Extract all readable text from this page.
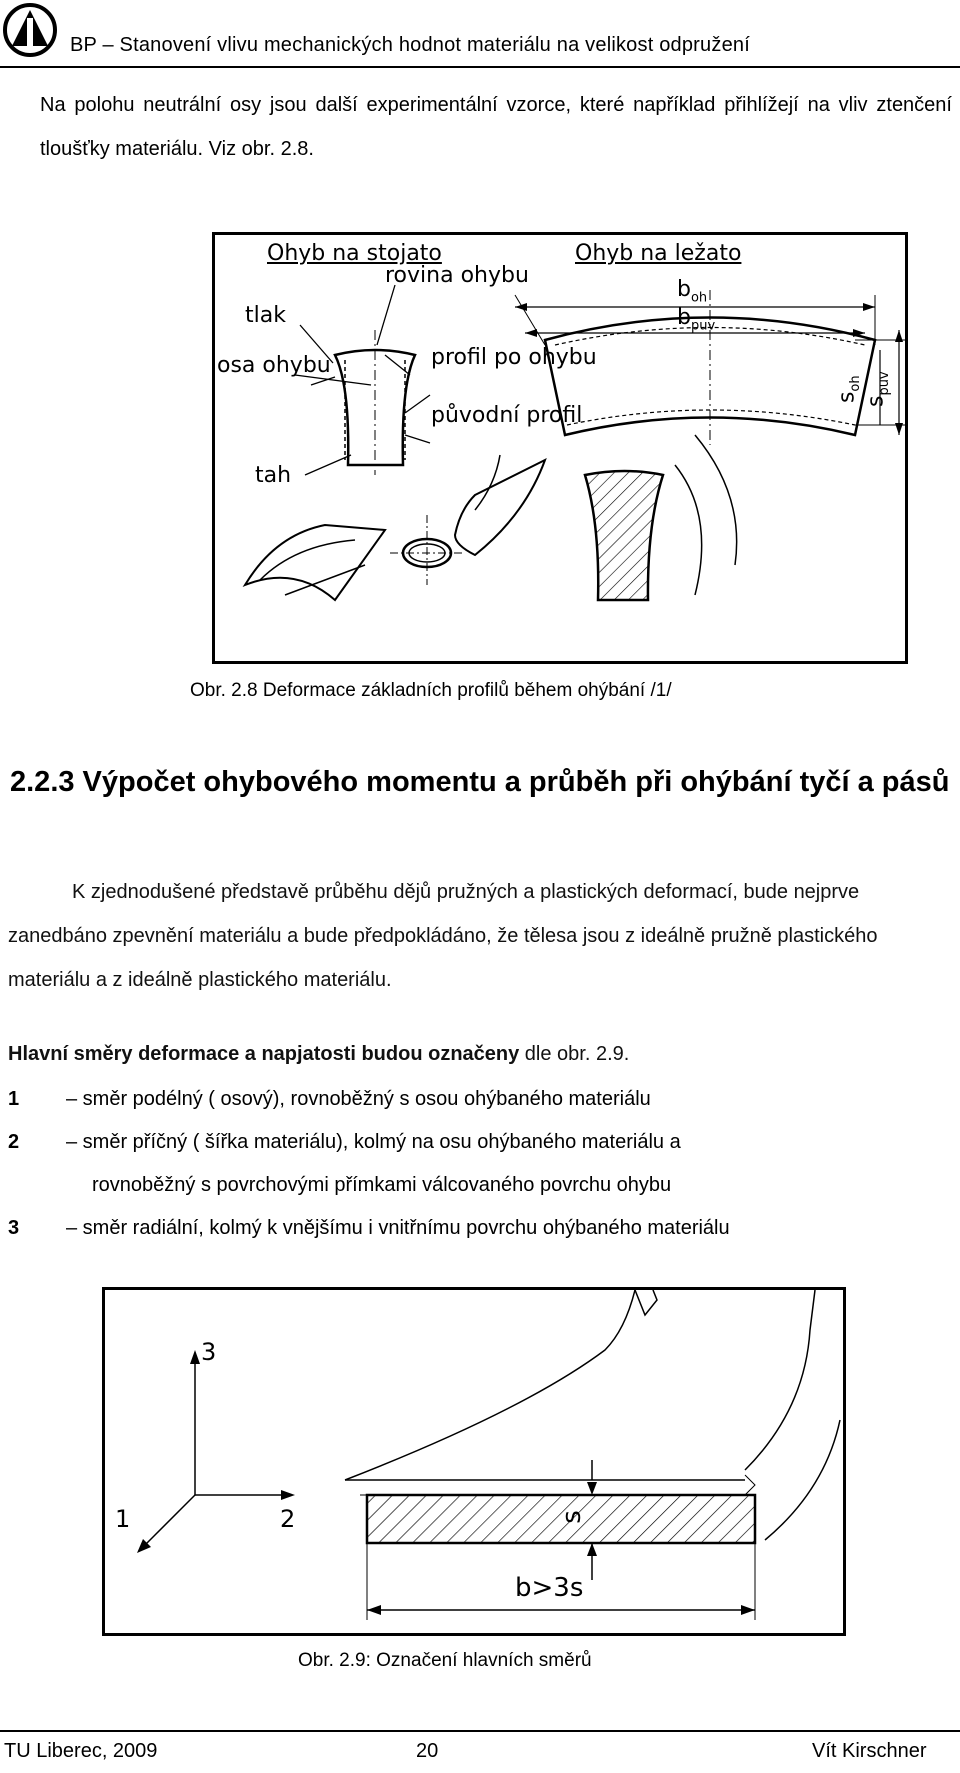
BP – Stanovení vlivu mechanických hodnot materiálu na velikost odpružení
Na polohu neutrální osy jsou další experimentální vzorce, které například přihlížejí na vliv ztenčení tloušťky materiálu. Viz obr. 2.8.
Ohyb na stojato	Ohyb na ležato
tlak
rovina ohybu
osa ohybu	profil po ohybu
původní profil
tah
$b_{oh}$
$b_{puv}$
$s_{oh}$
$s_{puv}$
Obr. 2.8 Deformace základních profilů během ohýbání /1/
2.2.3 Výpočet ohybového momentu a průběh při ohýbání tyčí a pásů
K zjednodušené představě průběhu dějů pružných a plastických deformací, bude nejprve zanedbáno zpevnění materiálu a bude předpokládáno, že tělesa jsou z ideálně pružně plastického materiálu a z ideálně plastického materiálu.
Hlavní směry deformace a napjatosti budou označeny dle obr. 2.9.
1 – směr podélný ( osový), rovnoběžný s osou ohýbaného materiálu
2 – směr příčný ( šířka materiálu), kolmý na osu ohýbaného materiálu a
rovnoběžný s povrchovými přímkami válcovaného povrchu ohybu
3 – směr radiální, kolmý k vnějšímu i vnitřnímu povrchu ohýbaného materiálu
3
2
1	s
b>3s
Obr. 2.9: Označení hlavních směrů
TU Liberec, 2009	20	Vít Kirschner
